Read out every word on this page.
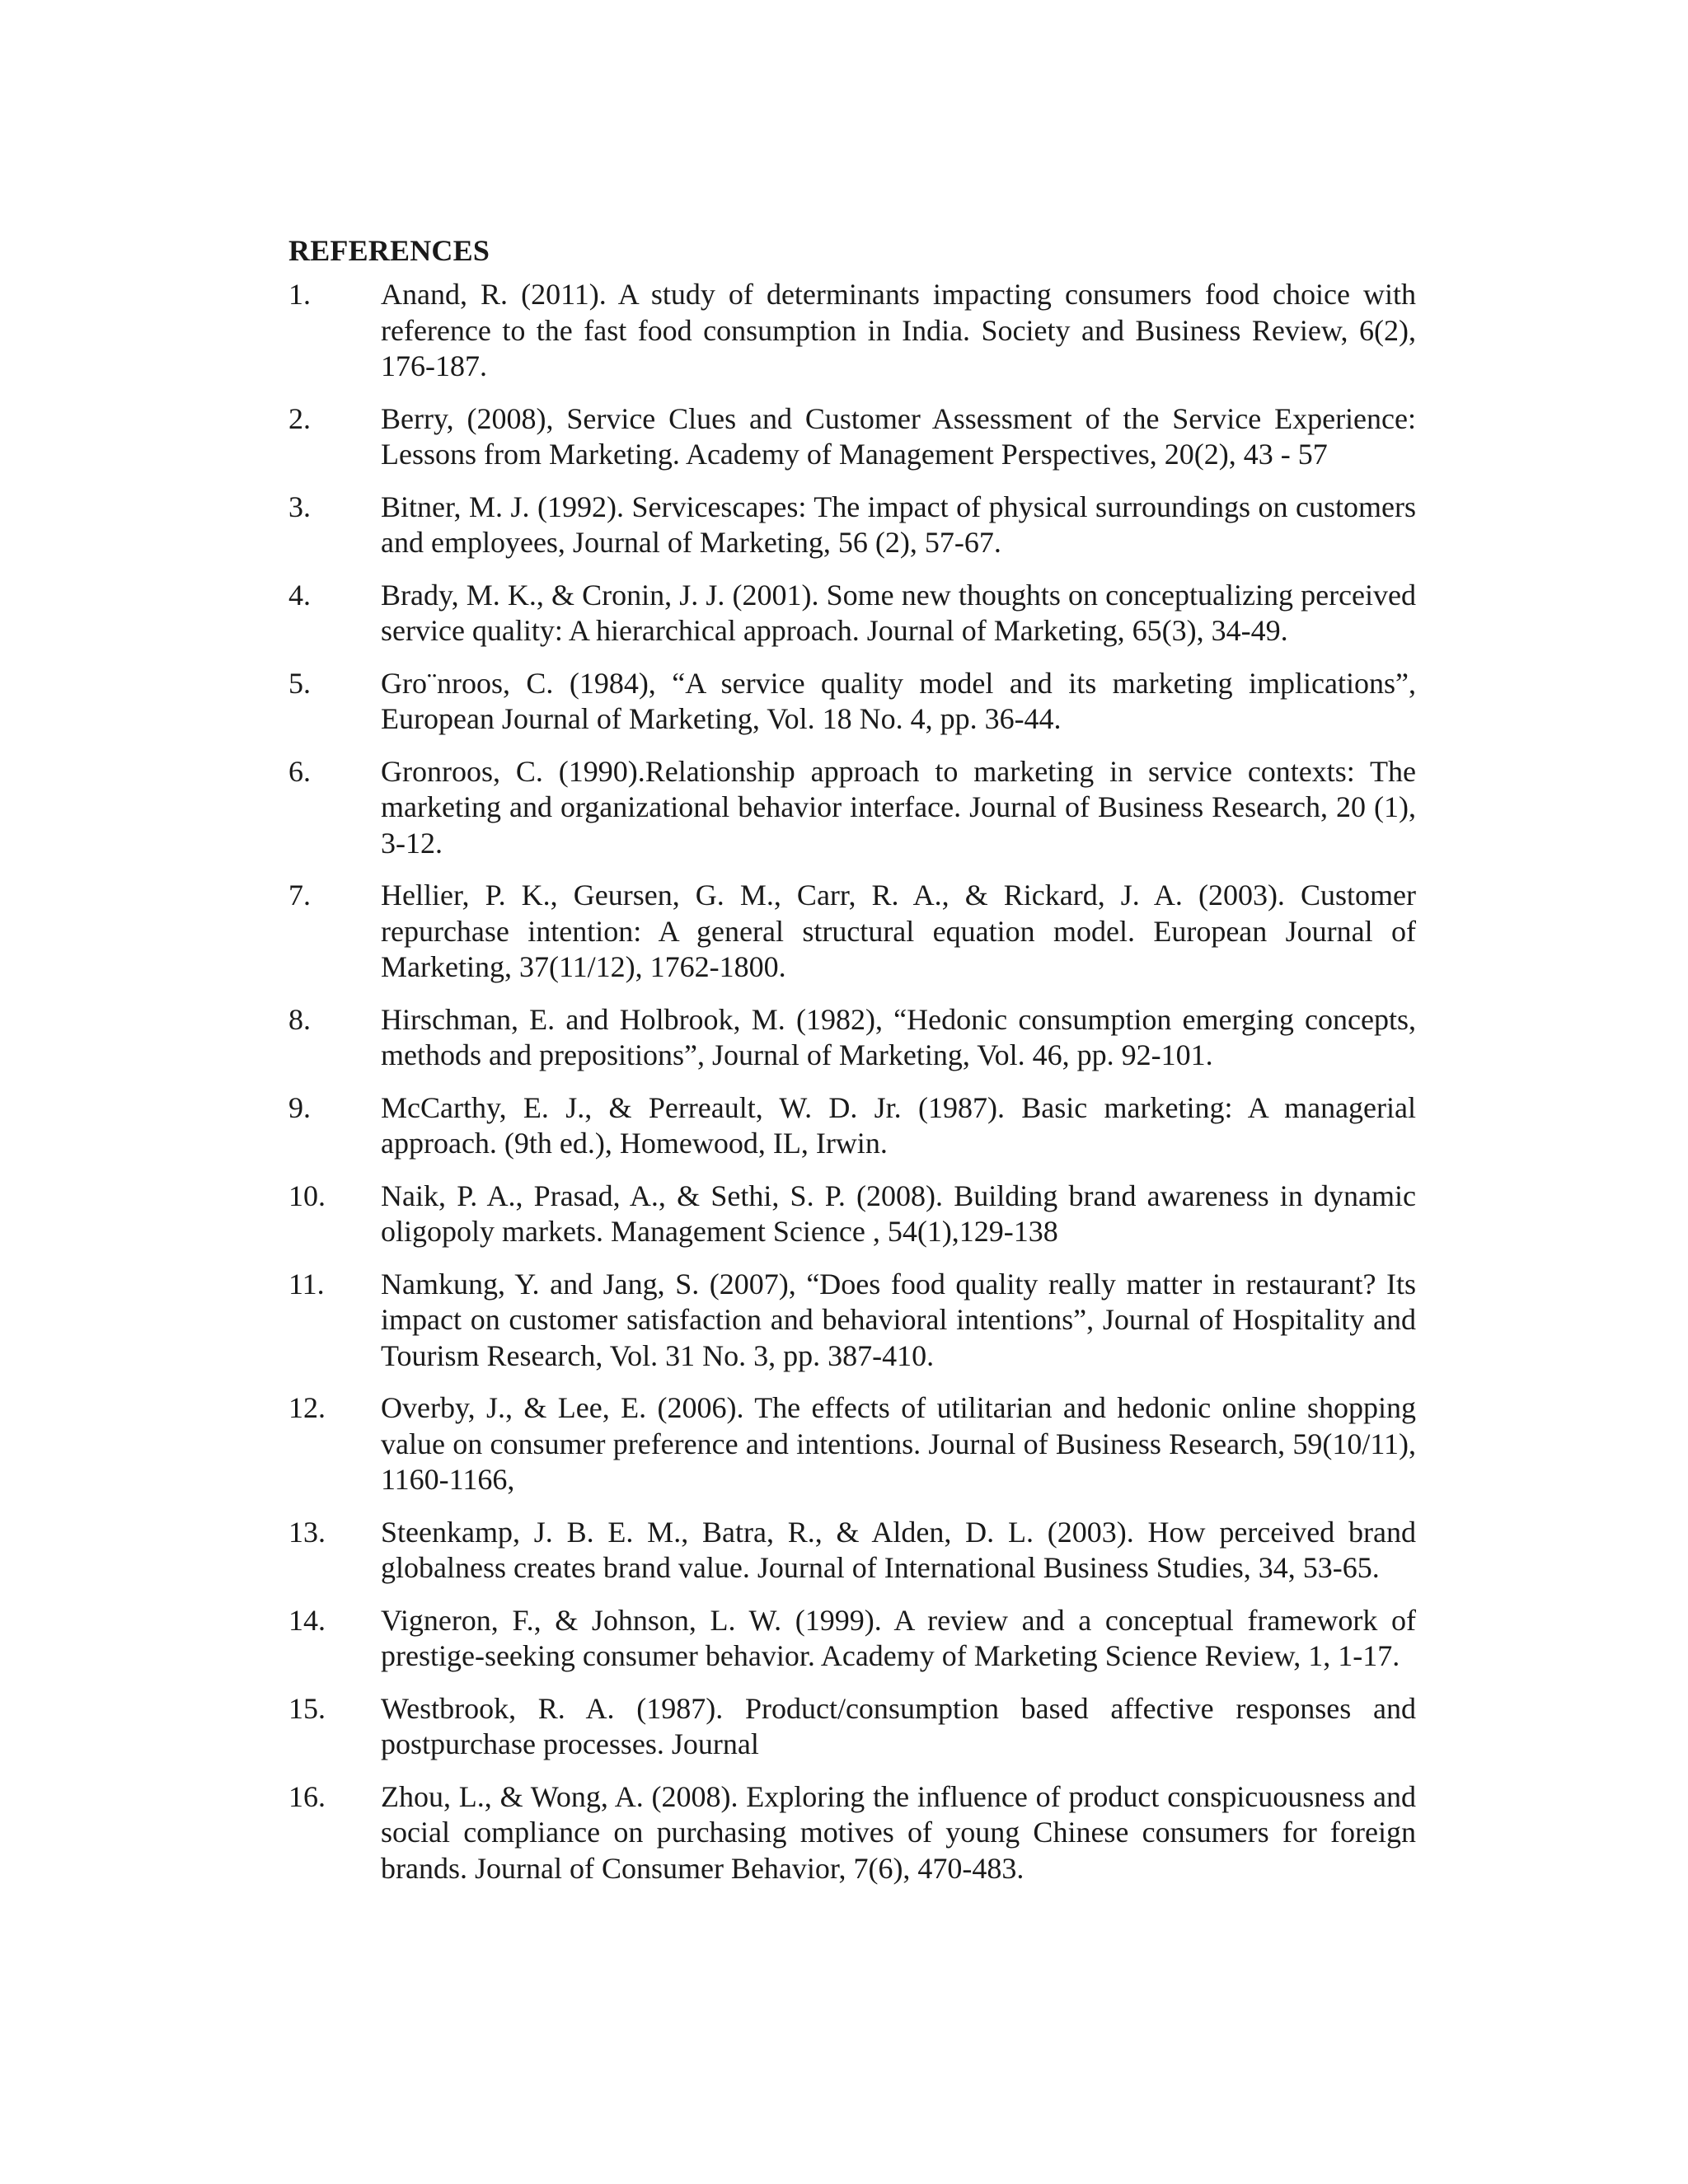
REFERENCES
1. Anand, R. (2011). A study of determinants impacting consumers food choice with reference to the fast food consumption in India. Society and Business Review, 6(2), 176-187.
2. Berry, (2008), Service Clues and Customer Assessment of the Service Experience: Lessons from Marketing. Academy of Management Perspectives, 20(2), 43 - 57
3. Bitner, M. J. (1992). Servicescapes: The impact of physical surroundings on customers and employees, Journal of Marketing, 56 (2), 57-67.
4. Brady, M. K., & Cronin, J. J. (2001). Some new thoughts on conceptualizing perceived service quality: A hierarchical approach. Journal of Marketing, 65(3), 34-49.
5. Gro¨nroos, C. (1984), “A service quality model and its marketing implications”, European Journal of Marketing, Vol. 18 No. 4, pp. 36-44.
6. Gronroos, C. (1990).Relationship approach to marketing in service contexts: The marketing and organizational behavior interface. Journal of Business Research, 20 (1), 3-12.
7. Hellier, P. K., Geursen, G. M., Carr, R. A., & Rickard, J. A. (2003). Customer repurchase intention: A general structural equation model. European Journal of Marketing, 37(11/12), 1762-1800.
8. Hirschman, E. and Holbrook, M. (1982), “Hedonic consumption emerging concepts, methods and prepositions”, Journal of Marketing, Vol. 46, pp. 92-101.
9. McCarthy, E. J., & Perreault, W. D. Jr. (1987). Basic marketing: A managerial approach. (9th ed.), Homewood, IL, Irwin.
10. Naik, P. A., Prasad, A., & Sethi, S. P. (2008). Building brand awareness in dynamic oligopoly markets. Management Science , 54(1),129-138
11. Namkung, Y. and Jang, S. (2007), “Does food quality really matter in restaurant? Its impact on customer satisfaction and behavioral intentions”, Journal of Hospitality and Tourism Research, Vol. 31 No. 3, pp. 387-410.
12. Overby, J., & Lee, E. (2006). The effects of utilitarian and hedonic online shopping value on consumer preference and intentions. Journal of Business Research, 59(10/11), 1160-1166,
13. Steenkamp, J. B. E. M., Batra, R., & Alden, D. L. (2003). How perceived brand globalness creates brand value. Journal of International Business Studies, 34, 53-65.
14. Vigneron, F., & Johnson, L. W. (1999). A review and a conceptual framework of prestige-seeking consumer behavior. Academy of Marketing Science Review, 1, 1-17.
15. Westbrook, R. A. (1987). Product/consumption based affective responses and postpurchase processes. Journal
16. Zhou, L., & Wong, A. (2008). Exploring the influence of product conspicuousness and social compliance on purchasing motives of young Chinese consumers for foreign brands. Journal of Consumer Behavior, 7(6), 470-483.
